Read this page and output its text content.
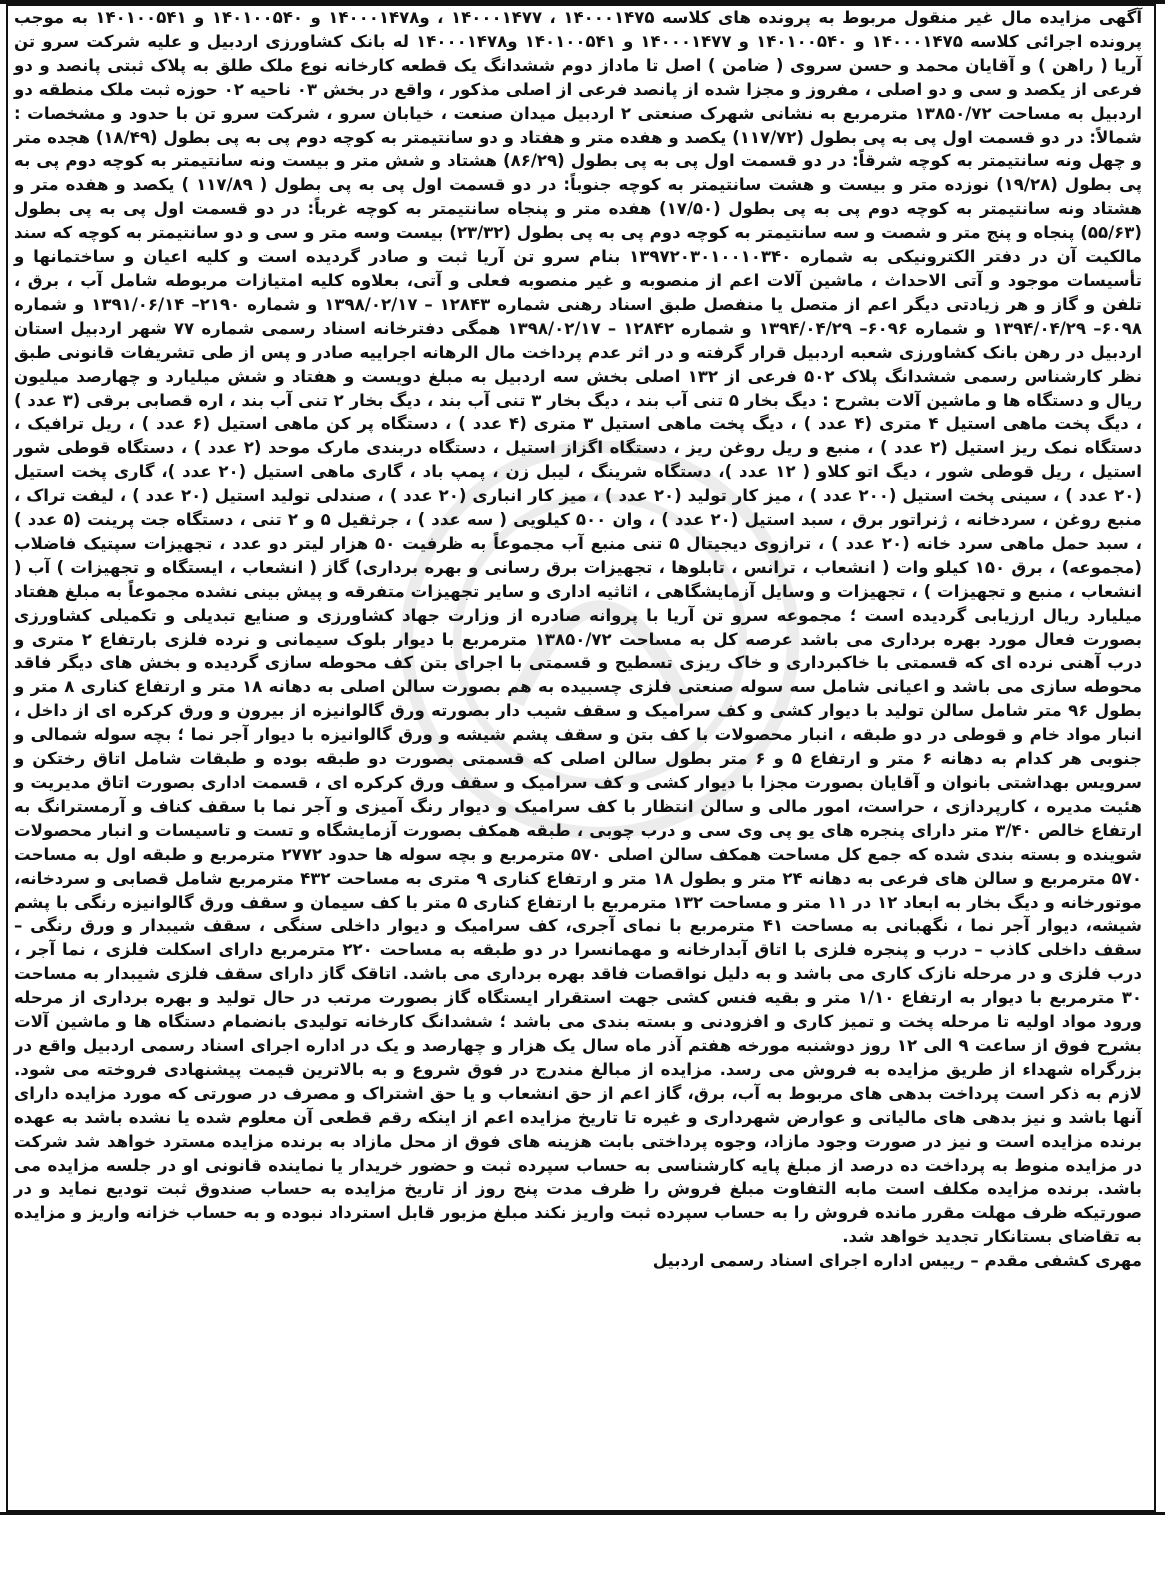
آگهی مزایده مال غیر منقول مربوط به پرونده های کلاسه ۱۴۰۰۰۱۴۷۵ ، ۱۴۰۰۰۱۴۷۷ ، و۱۴۰۰۰۱۴۷۸ و ۱۴۰۱۰۰۵۴۰ و ۱۴۰۱۰۰۵۴۱ به موجب پرونده اجرائی کلاسه ۱۴۰۰۰۱۴۷۵ و ۱۴۰۱۰۰۵۴۰ و ۱۴۰۰۰۱۴۷۷ و ۱۴۰۱۰۰۵۴۱ و۱۴۰۰۰۱۴۷۸ له بانک کشاورزی اردبیل و علیه شرکت سرو تن آریا ( راهن ) و آقایان محمد و حسن سروی ( ضامن ) اصل تا ماداز دوم ششدانگ یک قطعه کارخانه نوع ملک طلق به پلاک ثبتی پانصد و دو فرعی از یکصد و سی و دو اصلی ، مفروز و مجزا شده از پانصد فرعی از اصلی مذکور ، واقع در بخش ۰۳ ناحیه ۰۲ حوزه ثبت ملک منطقه دو اردبیل به مساحت ۱۳۸۵۰/۷۲ مترمربع به نشانی شهرک صنعتی ۲ اردبیل میدان صنعت ، خیابان سرو ، شرکت سرو تن با حدود و مشخصات : شمالاً: در دو قسمت اول پی به پی بطول (۱۱۷/۷۲) یکصد و هفده متر و هفتاد و دو سانتیمتر به کوچه دوم پی به پی بطول (۱۸/۴۹) هجده متر و چهل ونه سانتیمتر به کوچه شرقاً: در دو قسمت اول پی به پی بطول (۸۶/۲۹) هشتاد و شش متر و بیست ونه سانتیمتر به کوچه دوم پی به پی بطول (۱۹/۲۸) نوزده متر و بیست و هشت سانتیمتر به کوچه جنوباً: در دو قسمت اول پی به پی بطول ( ۱۱۷/۸۹ ) یکصد و هفده متر و هشتاد ونه سانتیمتر به کوچه دوم پی به پی بطول (۱۷/۵۰) هفده متر و پنجاه سانتیمتر به کوچه غرباً: در دو قسمت اول پی به پی بطول (۵۵/۶۳) پنجاه و پنج متر و شصت و سه سانتیمتر به کوچه دوم پی به پی بطول (۲۳/۳۲) بیست وسه متر و سی و دو سانتیمتر به کوچه که سند مالکیت آن در دفتر الکترونیکی به شماره ۱۳۹۷۲۰۳۰۱۰۰۱۰۳۴۰ بنام سرو تن آریا ثبت و صادر گردیده است و کلیه اعیان و ساختمانها و تأسیسات موجود و آتی الاحداث ، ماشین آلات اعم از منصوبه و غیر منصوبه فعلی و آتی، بعلاوه کلیه امتیازات مربوطه شامل آب ، برق ، تلفن و گاز و هر زیادتی دیگر اعم از متصل یا منفصل طبق اسناد رهنی شماره ۱۲۸۴۳ – ۱۳۹۸/۰۲/۱۷ و شماره ۲۱۹۰– ۱۳۹۱/۰۶/۱۴ و شماره ۶۰۹۸– ۱۳۹۴/۰۴/۲۹ و شماره ۶۰۹۶– ۱۳۹۴/۰۴/۲۹ و شماره ۱۲۸۴۲ – ۱۳۹۸/۰۲/۱۷ همگی دفترخانه اسناد رسمی شماره ۷۷ شهر اردبیل استان اردبیل در رهن بانک کشاورزی شعبه اردبیل قرار گرفته و در اثر عدم پرداخت مال الرهانه اجراییه صادر و پس از طی تشریفات قانونی طبق نظر کارشناس رسمی ششدانگ پلاک ۵۰۲ فرعی از ۱۳۲ اصلی بخش سه اردبیل به مبلغ دویست و هفتاد و شش میلیارد و چهارصد میلیون ریال و دستگاه ها و ماشین آلات بشرح : دیگ بخار ۵ تنی آب بند ، دیگ بخار ۳ تنی آب بند ، دیگ بخار ۲ تنی آب بند ، اره قصابی برقی (۳ عدد ) ، دیگ پخت ماهی استیل ۴ متری (۴ عدد ) ، دیگ پخت ماهی استیل ۳ متری (۴ عدد ) ، دستگاه پر کن ماهی استیل (۶ عدد ) ، ریل ترافیک ، دستگاه نمک ریز استیل (۲ عدد ) ، منبع و ریل روغن ریز ، دستگاه اگزاز استیل ، دستگاه دربندی مارک موحد (۲ عدد ) ، دستگاه قوطی شور استیل ، ریل قوطی شور ، دیگ اتو کلاو ( ۱۲ عدد )، دستگاه شرینگ ، لیبل زن ، پمپ باد ، گاری ماهی استیل (۲۰ عدد )، گاری پخت استیل (۲۰ عدد ) ، سینی پخت استیل (۲۰۰ عدد ) ، میز کار تولید (۲۰ عدد ) ، میز کار انباری (۲۰ عدد ) ، صندلی تولید استیل (۲۰ عدد ) ، لیفت تراک ، منبع روغن ، سردخانه ، ژنراتور برق ، سبد استیل (۲۰ عدد ) ، وان ۵۰۰ کیلویی ( سه عدد ) ، جرثقیل ۵ و ۲ تنی ، دستگاه جت پرینت (۵ عدد ) ، سبد حمل ماهی سرد خانه (۲۰ عدد ) ، ترازوی دیجیتال ۵ تنی منبع آب مجموعاً به ظرفیت ۵۰ هزار لیتر دو عدد ، تجهیزات سپتیک فاضلاب (مجموعه) ، برق ۱۵۰ کیلو وات ( انشعاب ، ترانس ، تابلوها ، تجهیزات برق رسانی و بهره برداری) گاز ( انشعاب ، ایستگاه و تجهیزات ) آب ( انشعاب ، منبع و تجهیزات ) ، تجهیزات و وسایل آزمایشگاهی ، اثاثیه اداری و سایر تجهیزات متفرقه و پیش بینی نشده مجموعاً به مبلغ هفتاد میلیارد ریال ارزیابی گردیده است ؛ مجموعه سرو تن آریا با پروانه صادره از وزارت جهاد کشاورزی و صنایع تبدیلی و تکمیلی کشاورزی بصورت فعال مورد بهره برداری می باشد عرصه کل به مساحت ۱۳۸۵۰/۷۲ مترمربع با دیوار بلوک سیمانی و نرده فلزی بارتفاع ۲ متری و درب آهنی نرده ای که قسمتی با خاکبرداری و خاک ریزی تسطیح و قسمتی با اجرای بتن کف محوطه سازی گردیده و بخش های دیگر فاقد محوطه سازی می باشد و اعیانی شامل سه سوله صنعتی فلزی چسبیده به هم بصورت سالن اصلی به دهانه ۱۸ متر و ارتفاع کناری ۸ متر و بطول ۹۶ متر شامل سالن تولید با دیوار کشی و کف سرامیک و سقف شیب دار بصورته ورق گالوانیزه از بیرون و ورق کرکره ای از داخل ، انبار مواد خام و قوطی در دو طبقه ، انبار محصولات با کف بتن و سقف پشم شیشه و ورق گالوانیزه با دیوار آجر نما ؛ بچه سوله شمالی و جنوبی هر کدام به دهانه ۶ متر و ارتفاع ۵ و ۶ متر بطول سالن اصلی که قسمتی بصورت دو طبقه بوده و طبقات شامل اتاق رختکن و سرویس بهداشتی بانوان و آقایان بصورت مجزا با دیوار کشی و کف سرامیک و سقف ورق کرکره ای ، قسمت اداری بصورت اتاق مدیریت و هئیت مدیره ، کارپردازی ، حراست، امور مالی و سالن انتظار با کف سرامیک و دیوار رنگ آمیزی و آجر نما با سقف کناف و آرمسترانگ به ارتفاع خالص ۳/۴۰ متر دارای پنجره های یو پی وی سی و درب چوبی ، طبقه همکف بصورت آزمایشگاه و تست و تاسیسات و انبار محصولات شوینده و بسته بندی شده که جمع کل مساحت همکف سالن اصلی ۵۷۰ مترمربع و بچه سوله ها حدود ۲۷۷۲ مترمربع و طبقه اول به مساحت ۵۷۰ مترمربع و سالن های فرعی به دهانه ۲۴ متر و بطول ۱۸ متر و ارتفاع کناری ۹ متری به مساحت ۴۳۲ مترمربع شامل قصابی و سردخانه، موتورخانه و دیگ بخار به ابعاد ۱۲ در ۱۱ متر و مساحت ۱۳۲ مترمربع با ارتفاع کناری ۵ متر با کف سیمان و سقف ورق گالوانیزه رنگی با پشم شیشه، دیوار آجر نما ، نگهبانی به مساحت ۴۱ مترمربع با نمای آجری، کف سرامیک و دیوار داخلی سنگی ، سقف شیبدار و ورق رنگی – سقف داخلی کاذب – درب و پنجره فلزی با اتاق آبدارخانه و مهمانسرا در دو طبقه به مساحت ۲۲۰ مترمربع دارای اسکلت فلزی ، نما آجر ، درب فلزی و در مرحله نازک کاری می باشد و به دلیل نواقصات فاقد بهره برداری می باشد. اتاقک گاز دارای سقف فلزی شیبدار به مساحت ۳۰ مترمربع با دیوار به ارتفاع ۱/۱۰ متر و بقیه فنس کشی جهت استقرار ایستگاه گاز بصورت مرتب در حال تولید و بهره برداری از مرحله ورود مواد اولیه تا مرحله پخت و تمیز کاری و افزودنی و بسته بندی می باشد ؛ ششدانگ کارخانه تولیدی بانضمام دستگاه ها و ماشین آلات بشرح فوق از ساعت ۹ الی ۱۲ روز دوشنبه مورخه هفتم آذر ماه سال یک هزار و چهارصد و یک در اداره اجرای اسناد رسمی اردبیل واقع در بزرگراه شهداء از طریق مزایده به فروش می رسد. مزایده از مبالغ مندرج در فوق شروع و به بالاترین قیمت پیشنهادی فروخته می شود. لازم به ذکر است پرداخت بدهی های مربوط به آب، برق، گاز اعم از حق انشعاب و یا حق اشتراک و مصرف در صورتی که مورد مزایده دارای آنها باشد و نیز بدهی های مالیاتی و عوارض شهرداری و غیره تا تاریخ مزایده اعم از اینکه رقم قطعی آن معلوم شده یا نشده باشد به عهده برنده مزایده است و نیز در صورت وجود مازاد، وجوه پرداختی بابت هزینه های فوق از محل مازاد به برنده مزایده مسترد خواهد شد شرکت در مزایده منوط به پرداخت ده درصد از مبلغ پایه کارشناسی به حساب سپرده ثبت و حضور خریدار یا نماینده قانونی او در جلسه مزایده می باشد. برنده مزایده مکلف است مابه التفاوت مبلغ فروش را ظرف مدت پنج روز از تاریخ مزایده به حساب صندوق ثبت تودیع نماید و در صورتیکه ظرف مهلت مقرر مانده فروش را به حساب سپرده ثبت واریز نکند مبلغ مزبور قابل استرداد نبوده و به حساب خزانه واریز و مزایده به تقاضای بستانکار تجدید خواهد شد.

مهری کشفی مقدم – رییس اداره اجرای اسناد رسمی اردبیل
